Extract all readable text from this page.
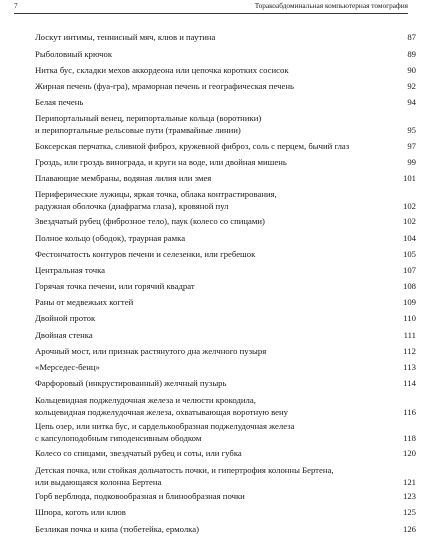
7	Торакоабдоминальная компьютерная томография
Лоскут интимы, теннисный мяч, клюв и паутина	87
Рыболовный крючок	89
Нитка бус, складки мехов аккордеона или цепочка коротких сосисок	90
Жирная печень (фуа-гра), мраморная печень и географическая печень	92
Белая печень	94
Перипортальный венец, перипортальные кольца (воротники)
и перипортальные рельсовые пути (трамвайные линии)	95
Боксерская перчатка, сливной фиброз, кружевной фиброз, соль с перцем, бычий глаз	97
Гроздь, или гроздь винограда, и круги на воде, или двойная мишень	99
Плавающие мембраны, водяная лилия или змея	101
Периферические лужицы, яркая точка, облака контрастирования,
радужная оболочка (диафрагма глаза), кровяной пул	102
Звездчатый рубец (фиброзное тело), паук (колесо со спицами)	102
Полное кольцо (ободок), траурная рамка	104
Фестончатость контуров печени и селезенки, или гребешок	105
Центральная точка	107
Горячая точка печени, или горячий квадрат	108
Раны от медвежьих когтей	109
Двойной проток	110
Двойная стенка	111
Арочный мост, или признак растянутого дна желчного пузыря	112
«Мерседес-бенц»	113
Фарфоровый (инкрустированный) желчный пузырь	114
Кольцевидная поджелудочная железа и челюсти крокодила,
кольцевидная поджелудочная железа, охватывающая воротную вену	116
Цепь озер, или нитка бус, и сарделькообразная поджелудочная железа
с капсулоподобным гиподенсивным ободком	118
Колесо со спицами, звездчатый рубец и соты, или губка	120
Детская почка, или стойкая дольчатость почки, и гипертрофия колонны Бертена,
или выдающаяся колонна Бертена	121
Горб верблюда, подковообразная и блинообразная почки	123
Шпора, коготь или клюв	125
Безликая почка и кипа (тюбетейка, ермолка)	126
